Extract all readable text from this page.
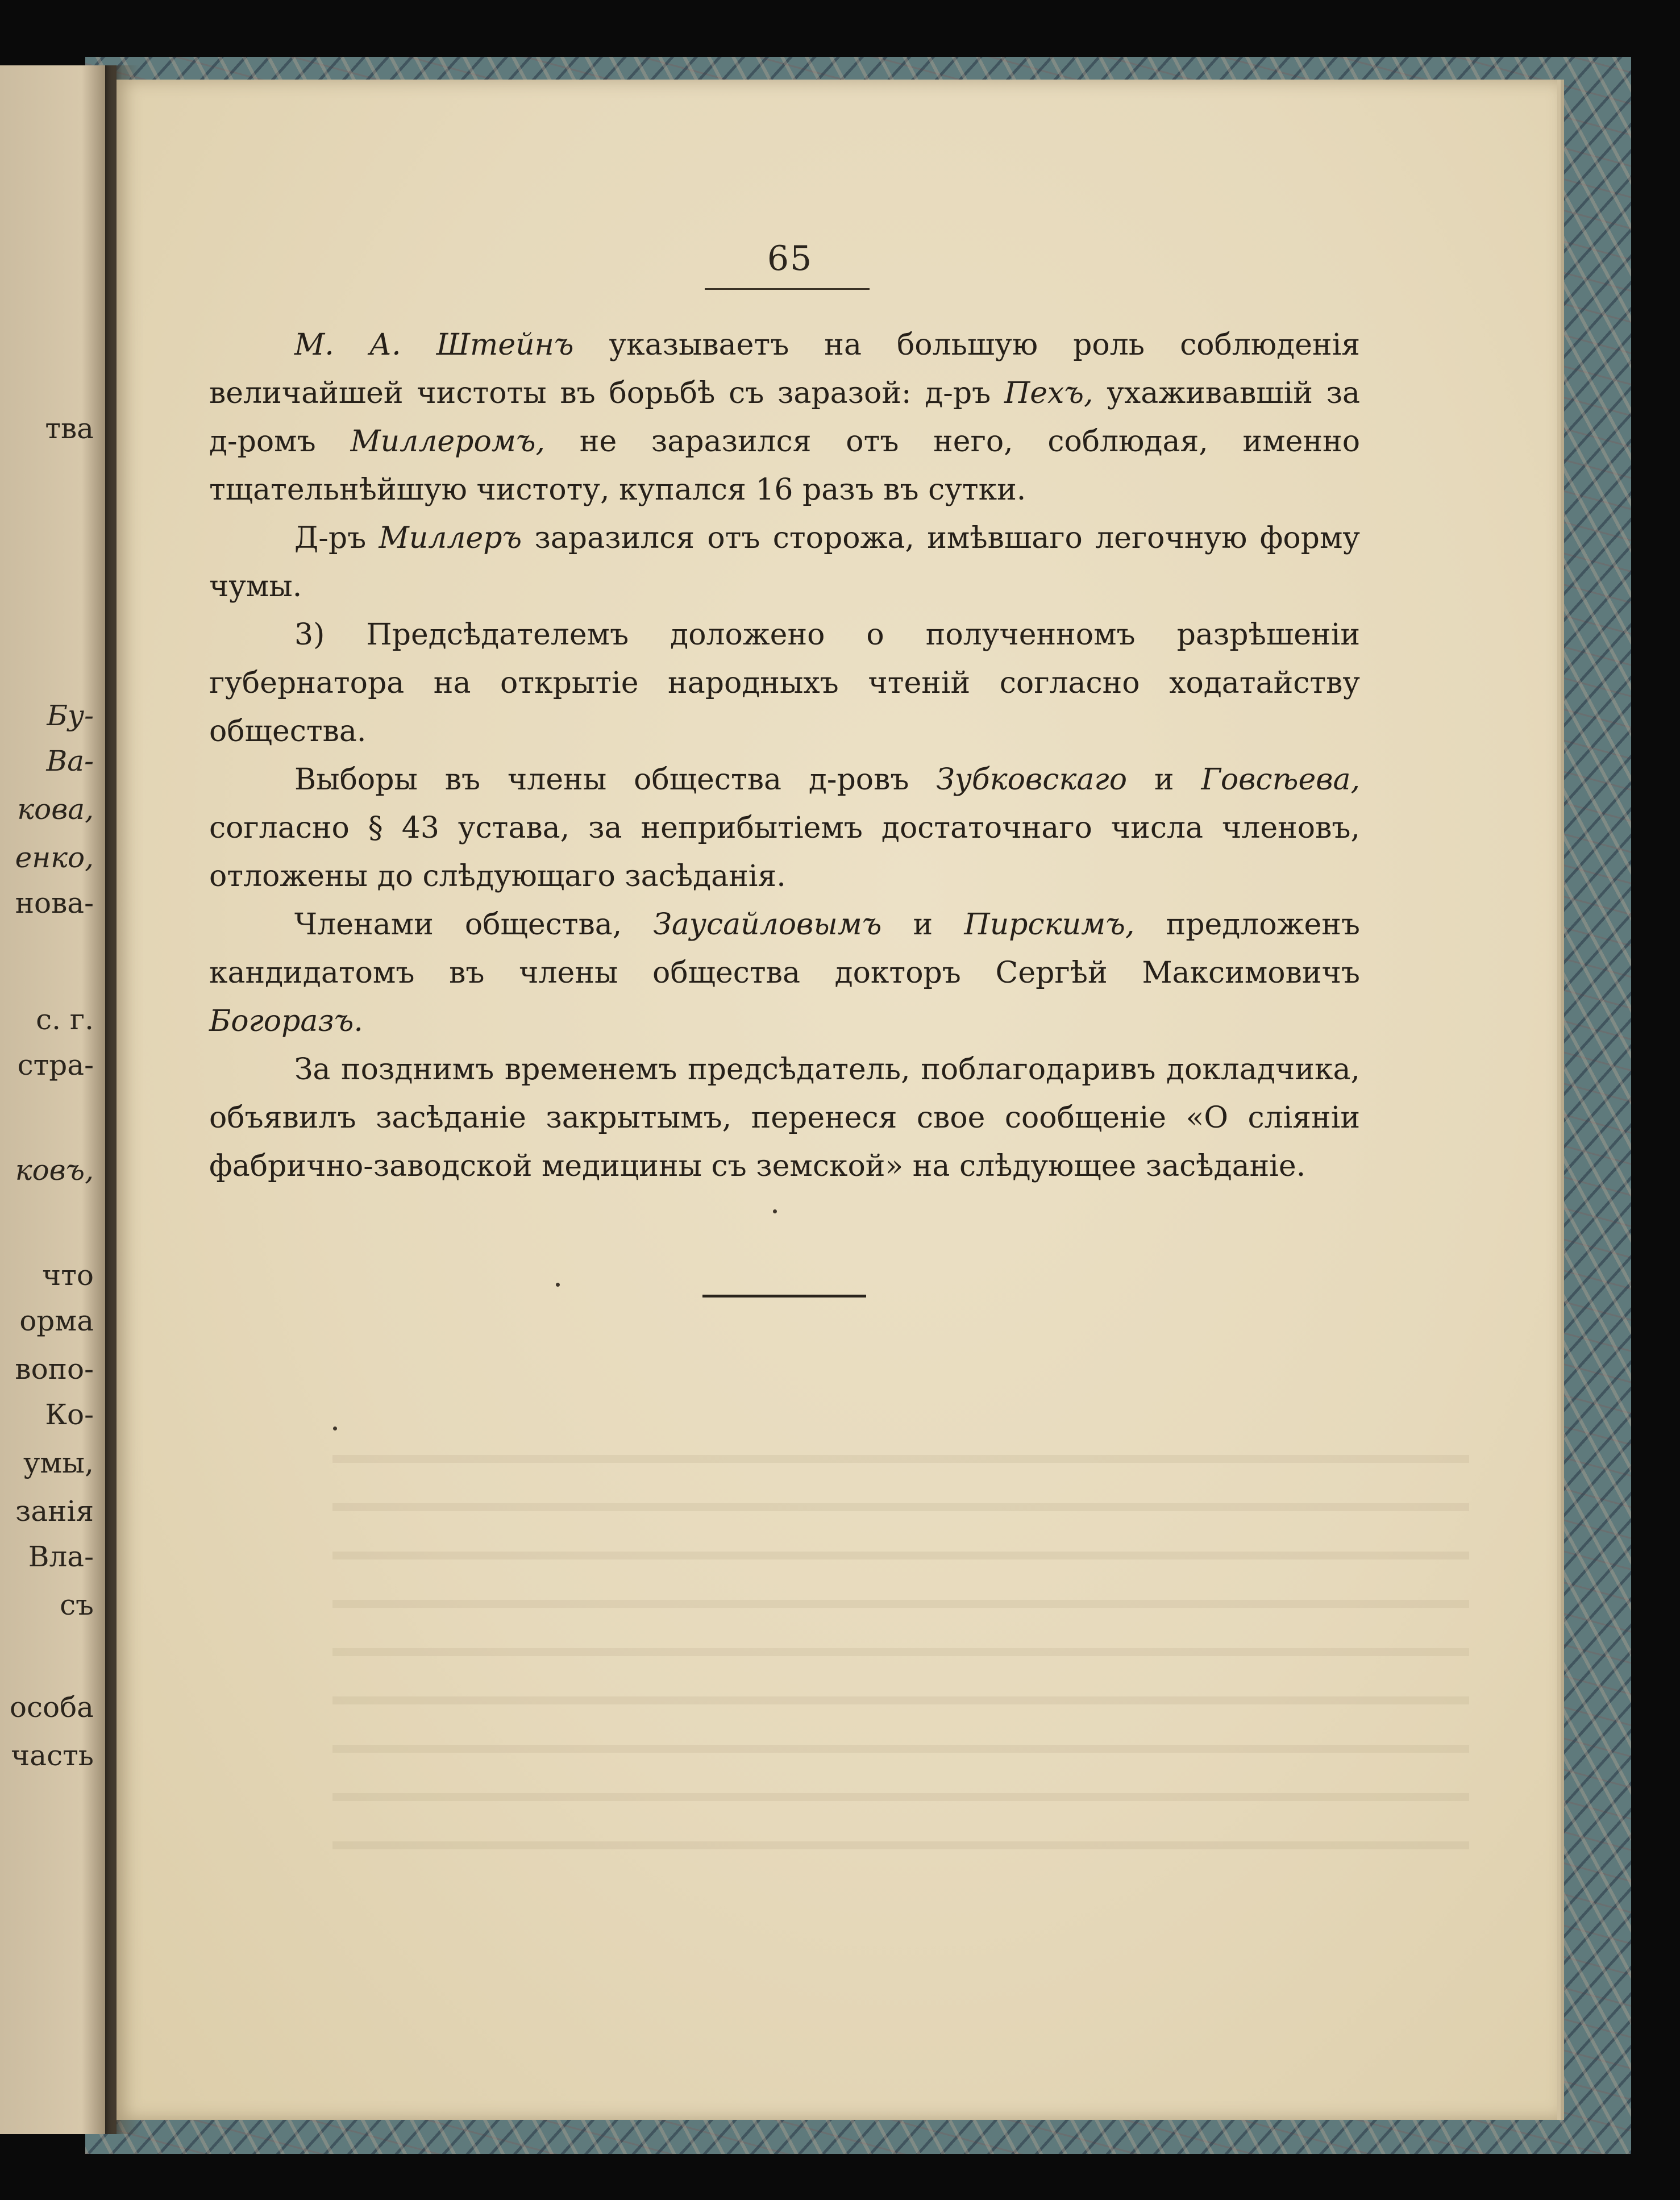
тва
Бу-
Ва-
кова,
енко,
нова-
с. г.
стра-
ковъ,
что
орма
вопо-
Ко-
умы,
занія
Вла-
съ
особа
часть
65

М. А. Штейнъ указываетъ на большую роль соблюденія величайшей чистоты въ борьбѣ съ заразой: д-ръ Пехъ, ухаживавшій за д-ромъ Миллеромъ, не заразился отъ него, соблюдая, именно тщательнѣйшую чистоту, купался 16 разъ въ сутки.

Д-ръ Миллеръ заразился отъ сторожа, имѣвшаго легочную форму чумы.

3) Предсѣдателемъ доложено о полученномъ разрѣшеніи губернатора на открытіе народныхъ чтеній согласно ходатайству общества.

Выборы въ члены общества д-ровъ Зубковскаго и Говсѣева, согласно § 43 устава, за неприбытіемъ достаточнаго числа членовъ, отложены до слѣдующаго засѣданія.

Членами общества, Заусайловымъ и Пирскимъ, предложенъ кандидатомъ въ члены общества докторъ Сергѣй Максимовичъ Богоразъ.

За позднимъ временемъ предсѣдатель, поблагодаривъ докладчика, объявилъ засѣданіе закрытымъ, перенеся свое сообщеніе «О сліяніи фабрично-заводской медицины съ земской» на слѣдующее засѣданіе.
